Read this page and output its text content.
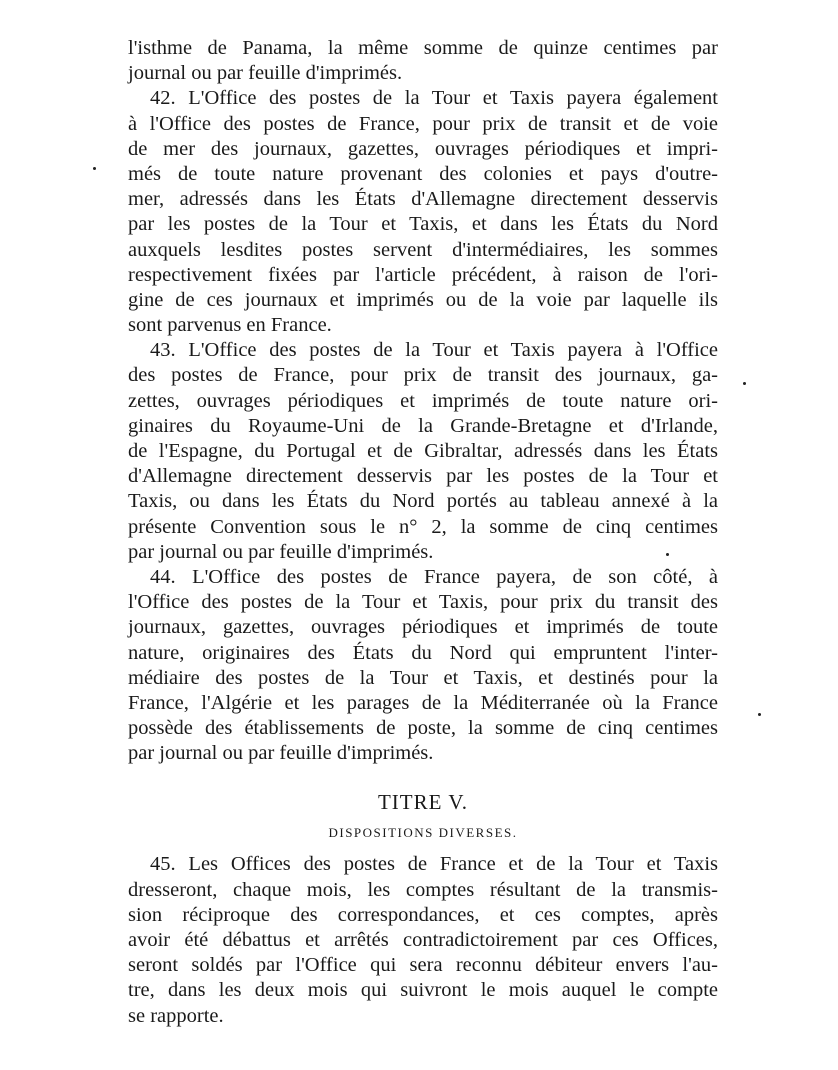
l'isthme de Panama, la même somme de quinze centimes par
journal ou par feuille d'imprimés.
42. L'Office des postes de la Tour et Taxis payera également
à l'Office des postes de France, pour prix de transit et de voie
de mer des journaux, gazettes, ouvrages périodiques et impri-
més de toute nature provenant des colonies et pays d'outre-
mer, adressés dans les États d'Allemagne directement desservis
par les postes de la Tour et Taxis, et dans les États du Nord
auxquels lesdites postes servent d'intermédiaires, les sommes
respectivement fixées par l'article précédent, à raison de l'ori-
gine de ces journaux et imprimés ou de la voie par laquelle ils
sont parvenus en France.
43. L'Office des postes de la Tour et Taxis payera à l'Office
des postes de France, pour prix de transit des journaux, ga-
zettes, ouvrages périodiques et imprimés de toute nature ori-
ginaires du Royaume-Uni de la Grande-Bretagne et d'Irlande,
de l'Espagne, du Portugal et de Gibraltar, adressés dans les États
d'Allemagne directement desservis par les postes de la Tour et
Taxis, ou dans les États du Nord portés au tableau annexé à la
présente Convention sous le n° 2, la somme de cinq centimes
par journal ou par feuille d'imprimés.
44. L'Office des postes de France payera, de son côté, à
l'Office des postes de la Tour et Taxis, pour prix du transit des
journaux, gazettes, ouvrages périodiques et imprimés de toute
nature, originaires des États du Nord qui empruntent l'inter-
médiaire des postes de la Tour et Taxis, et destinés pour la
France, l'Algérie et les parages de la Méditerranée où la France
possède des établissements de poste, la somme de cinq centimes
par journal ou par feuille d'imprimés.
TITRE V.
DISPOSITIONS DIVERSES.
45. Les Offices des postes de France et de la Tour et Taxis
dresseront, chaque mois, les comptes résultant de la transmis-
sion réciproque des correspondances, et ces comptes, après
avoir été débattus et arrêtés contradictoirement par ces Offices,
seront soldés par l'Office qui sera reconnu débiteur envers l'au-
tre, dans les deux mois qui suivront le mois auquel le compte
se rapporte.
